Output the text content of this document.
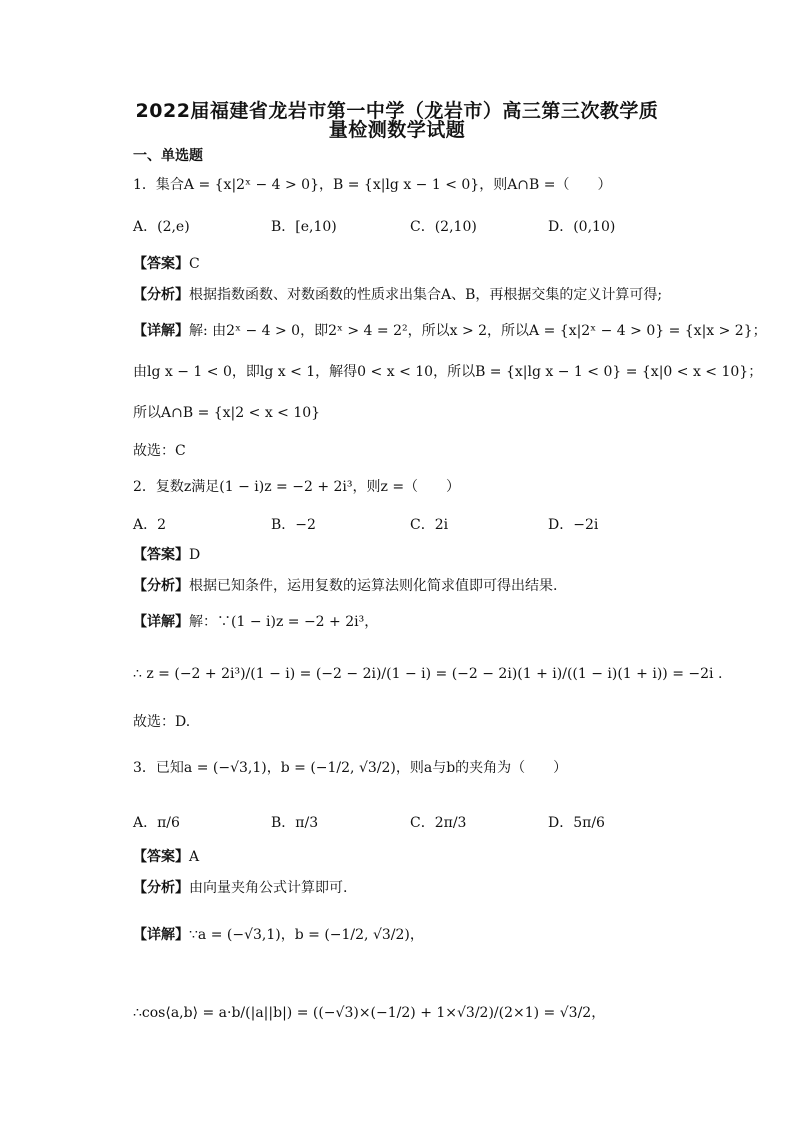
2022届福建省龙岩市第一中学（龙岩市）高三第三次教学质
量检测数学试题
一、单选题
1．集合A = {x|2ˣ − 4 > 0}，B = {x|lg x − 1 < 0}，则A∩B =（　　）
A．(2,e)	B．[e,10)	C．(2,10)	D．(0,10)
【答案】C
【分析】根据指数函数、对数函数的性质求出集合A、B，再根据交集的定义计算可得;
【详解】解: 由2ˣ − 4 > 0，即2ˣ > 4 = 2²，所以x > 2，所以A = {x|2ˣ − 4 > 0} = {x|x > 2}；
由lg x − 1 < 0，即lg x < 1，解得0 < x < 10，所以B = {x|lg x − 1 < 0} = {x|0 < x < 10}；
所以A∩B = {x|2 < x < 10}
故选：C
2．复数z满足(1 − i)z = −2 + 2i³，则z =（　　）
A．2	B．−2	C．2i	D．−2i
【答案】D
【分析】根据已知条件，运用复数的运算法则化简求值即可得出结果.
【详解】解：∵(1 − i)z = −2 + 2i³，
∴ z = (−2 + 2i³)/(1 − i) = (−2 − 2i)/(1 − i) = (−2 − 2i)(1 + i)/((1 − i)(1 + i)) = −2i .
故选：D.
3．已知a = (−√3,1)，b = (−1/2, √3/2)，则a与b的夹角为（　　）
A．π/6	B．π/3	C．2π/3	D．5π/6
【答案】A
【分析】由向量夹角公式计算即可.
【详解】∵a = (−√3,1)，b = (−1/2, √3/2)，
∴cos⟨a,b⟩ = a·b/(|a||b|) = ((−√3)×(−1/2) + 1×√3/2)/(2×1) = √3/2，
